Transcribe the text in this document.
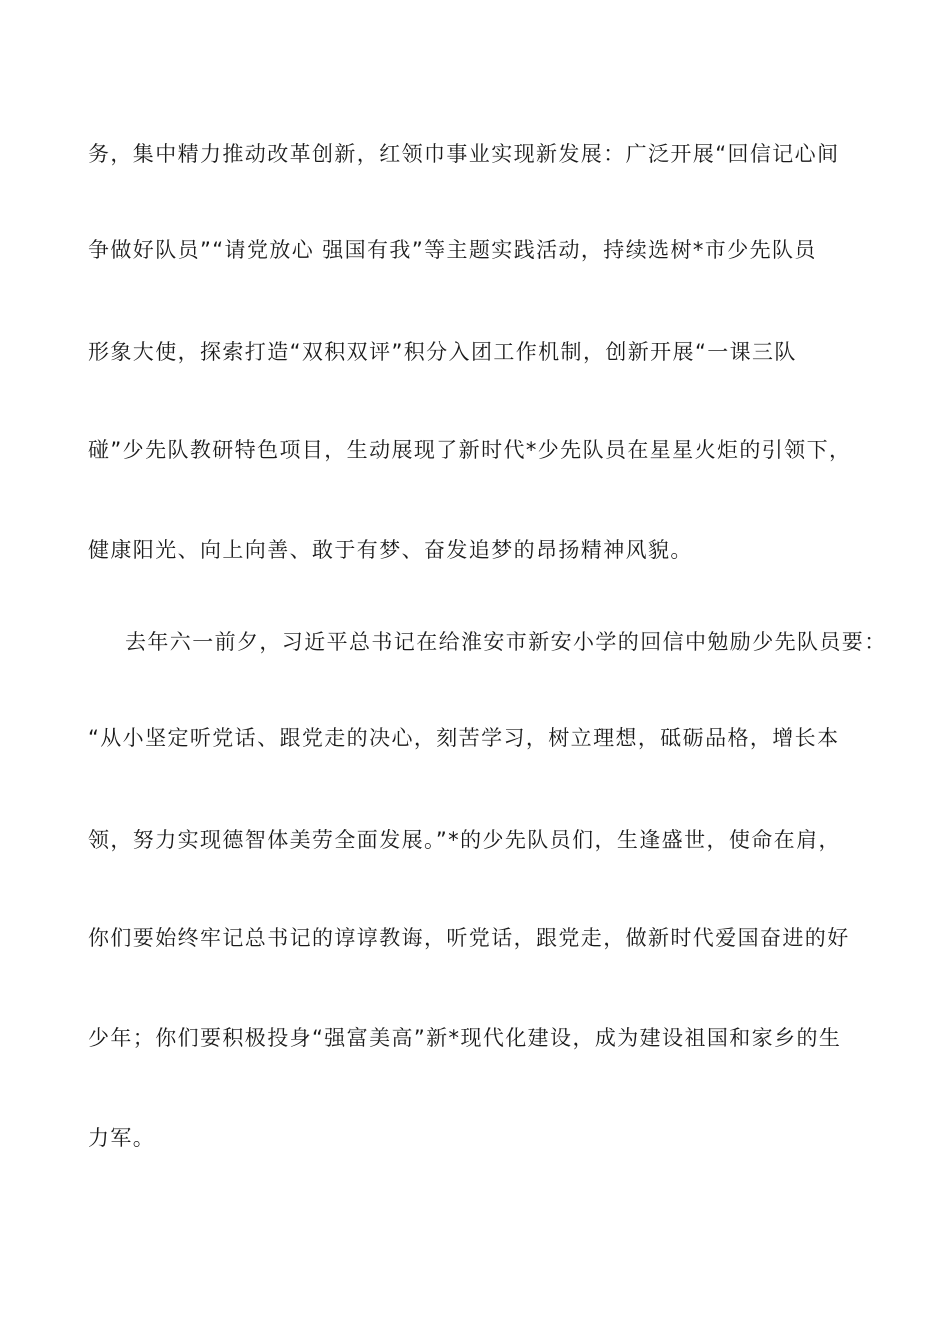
务，集中精力推动改革创新，红领巾事业实现新发展：广泛开展“回信记心间
争做好队员”“请党放心 强国有我”等主题实践活动，持续选树*市少先队员
形象大使，探索打造“双积双评”积分入团工作机制，创新开展“一课三队
碰”少先队教研特色项目，生动展现了新时代*少先队员在星星火炬的引领下，
健康阳光、向上向善、敢于有梦、奋发追梦的昂扬精神风貌。
去年六一前夕，习近平总书记在给淮安市新安小学的回信中勉励少先队员要：
“从小坚定听党话、跟党走的决心，刻苦学习，树立理想，砥砺品格，增长本
领，努力实现德智体美劳全面发展。”*的少先队员们，生逢盛世，使命在肩，
你们要始终牢记总书记的谆谆教诲，听党话，跟党走，做新时代爱国奋进的好
少年；你们要积极投身“强富美高”新*现代化建设，成为建设祖国和家乡的生
力军。
